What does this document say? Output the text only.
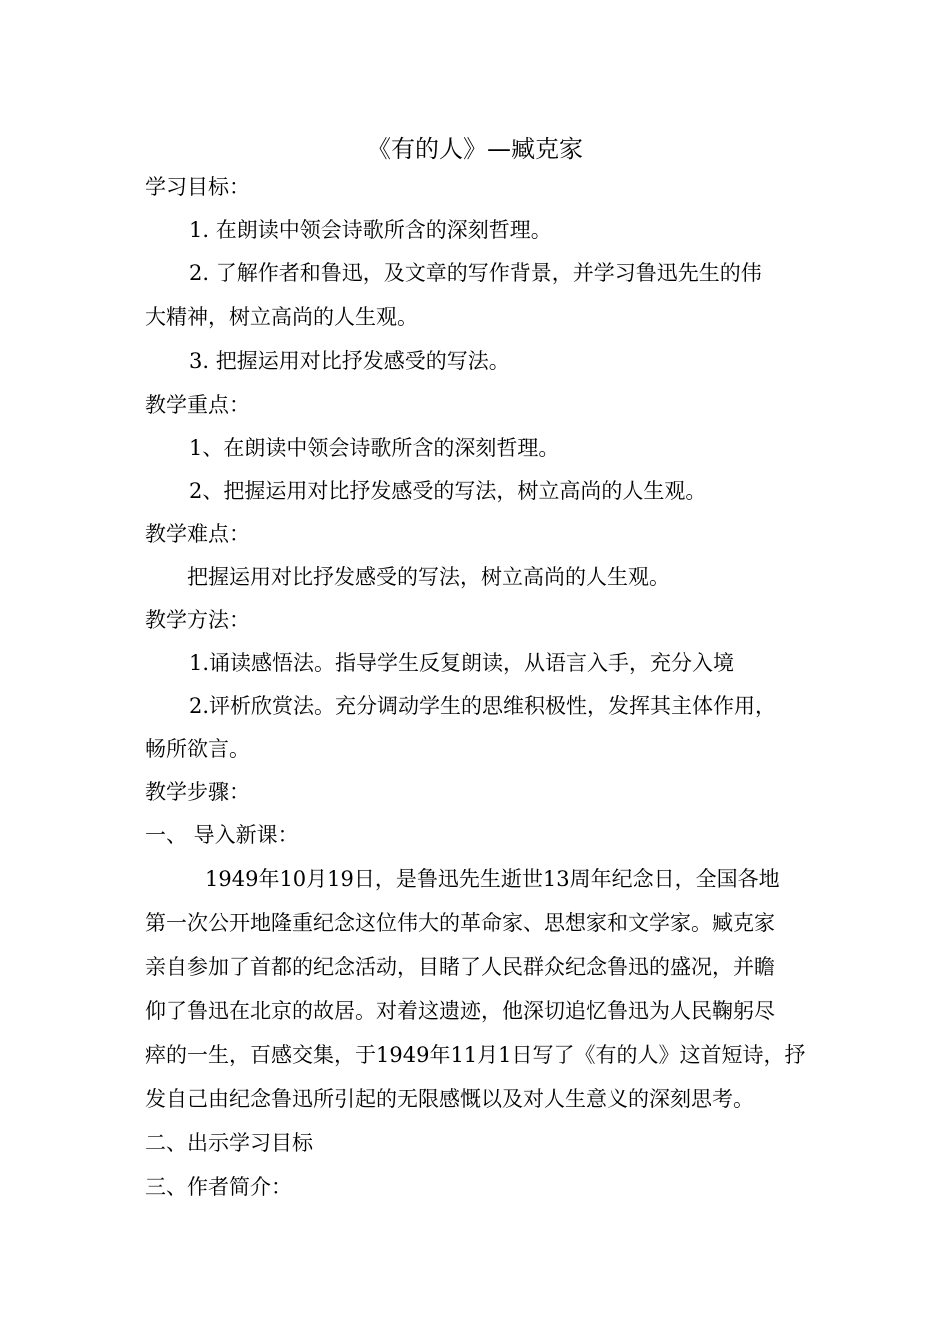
《有的人》—臧克家
学习目标：
1. 在朗读中领会诗歌所含的深刻哲理。
2. 了解作者和鲁迅，及文章的写作背景，并学习鲁迅先生的伟
大精神，树立高尚的人生观。
3. 把握运用对比抒发感受的写法。
教学重点：
1、在朗读中领会诗歌所含的深刻哲理。
2、把握运用对比抒发感受的写法，树立高尚的人生观。
教学难点：
把握运用对比抒发感受的写法，树立高尚的人生观。
教学方法：
1.诵读感悟法。指导学生反复朗读，从语言入手，充分入境
2.评析欣赏法。充分调动学生的思维积极性，发挥其主体作用，
畅所欲言。
教学步骤：
一、 导入新课：
1949年10月19日，是鲁迅先生逝世13周年纪念日，全国各地
第一次公开地隆重纪念这位伟大的革命家、思想家和文学家。臧克家
亲自参加了首都的纪念活动，目睹了人民群众纪念鲁迅的盛况，并瞻
仰了鲁迅在北京的故居。对着这遗迹，他深切追忆鲁迅为人民鞠躬尽
瘁的一生，百感交集，于1949年11月1日写了《有的人》这首短诗，抒
发自己由纪念鲁迅所引起的无限感慨以及对人生意义的深刻思考。
二、出示学习目标
三、作者简介：
